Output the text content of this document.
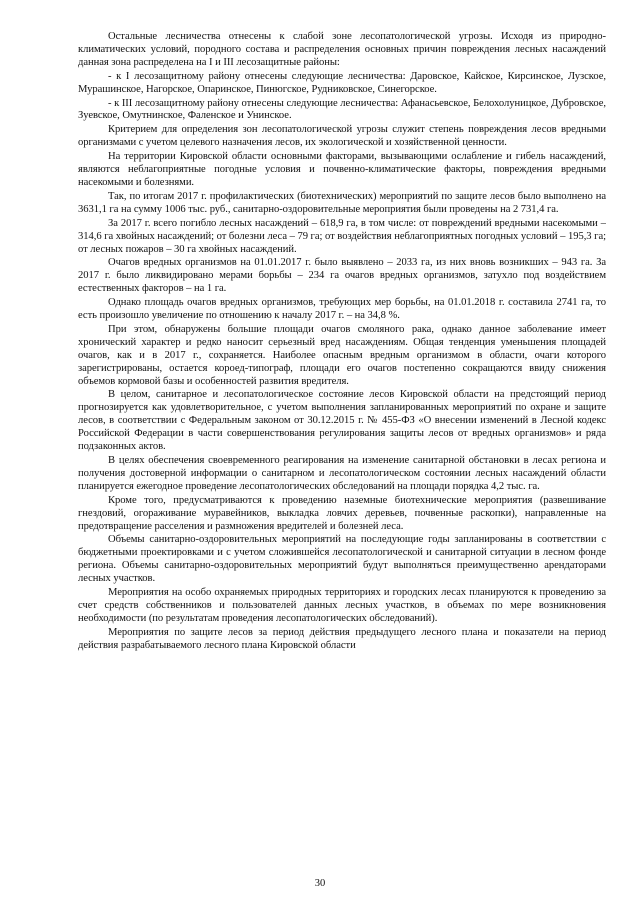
Остальные лесничества отнесены к слабой зоне лесопатологической угрозы. Исходя из природно-климатических условий, породного состава и распределения основных причин повреждения лесных насаждений данная зона распределена на I и III лесозащитные районы:

- к I лесозащитному району отнесены следующие лесничества: Даровское, Кайское, Кирсинское, Лузское, Мурашинское, Нагорское, Опаринское, Пинюгское, Рудниковское, Синегорское.

- к III лесозащитному району отнесены следующие лесничества: Афанасьевское, Белохолуницкое, Дубровское, Зуевское, Омутнинское, Фаленское и Унинское.

Критерием для определения зон лесопатологической угрозы служит степень повреждения лесов вредными организмами с учетом целевого назначения лесов, их экологической и хозяйственной ценности.

На территории Кировской области основными факторами, вызывающими ослабление и гибель насаждений, являются неблагоприятные погодные условия и почвенно-климатические факторы, повреждения вредными насекомыми и болезнями.

Так, по итогам 2017 г. профилактических (биотехнических) мероприятий по защите лесов было выполнено на 3631,1 га на сумму 1006 тыс. руб., санитарно-оздоровительные мероприятия были проведены на 2 731,4 га.

За 2017 г. всего погибло лесных насаждений – 618,9 га, в том числе: от повреждений вредными насекомыми – 314,6 га хвойных насаждений; от болезни леса – 79 га; от воздействия неблагоприятных погодных условий – 195,3 га; от лесных пожаров – 30 га хвойных насаждений.

Очагов вредных организмов на 01.01.2017 г. было выявлено – 2033 га, из них вновь возникших – 943 га. За 2017 г. было ликвидировано мерами борьбы – 234 га очагов вредных организмов, затухло под воздействием естественных факторов – на 1 га.

Однако площадь очагов вредных организмов, требующих мер борьбы, на 01.01.2018 г. составила 2741 га, то есть произошло увеличение по отношению к началу 2017 г. – на 34,8 %.

При этом, обнаружены большие площади очагов смоляного рака, однако данное заболевание имеет хронический характер и редко наносит серьезный вред насаждениям. Общая тенденция уменьшения площадей очагов, как и в 2017 г., сохраняется. Наиболее опасным вредным организмом в области, очаги которого зарегистрированы, остается короед-типограф, площади его очагов постепенно сокращаются ввиду снижения объемов кормовой базы и особенностей развития вредителя.

В целом, санитарное и лесопатологическое состояние лесов Кировской области на предстоящий период прогнозируется как удовлетворительное, с учетом выполнения запланированных мероприятий по охране и защите лесов, в соответствии с Федеральным законом от 30.12.2015 г. № 455-ФЗ «О внесении изменений в Лесной кодекс Российской Федерации в части совершенствования регулирования защиты лесов от вредных организмов» и ряда подзаконных актов.

В целях обеспечения своевременного реагирования на изменение санитарной обстановки в лесах региона и получения достоверной информации о санитарном и лесопатологическом состоянии лесных насаждений области планируется ежегодное проведение лесопатологических обследований на площади порядка 4,2 тыс. га.

Кроме того, предусматриваются к проведению наземные биотехнические мероприятия (развешивание гнездовий, огораживание муравейников, выкладка ловчих деревьев, почвенные раскопки), направленные на предотвращение расселения и размножения вредителей и болезней леса.

Объемы санитарно-оздоровительных мероприятий на последующие годы запланированы в соответствии с бюджетными проектировками и с учетом сложившейся лесопатологической и санитарной ситуации в лесном фонде региона. Объемы санитарно-оздоровительных мероприятий будут выполняться преимущественно арендаторами лесных участков.

Мероприятия на особо охраняемых природных территориях и городских лесах планируются к проведению за счет средств собственников и пользователей данных лесных участков, в объемах по мере возникновения необходимости (по результатам проведения лесопатологических обследований).

Мероприятия по защите лесов за период действия предыдущего лесного плана и показатели на период действия разрабатываемого лесного плана Кировской области

30
